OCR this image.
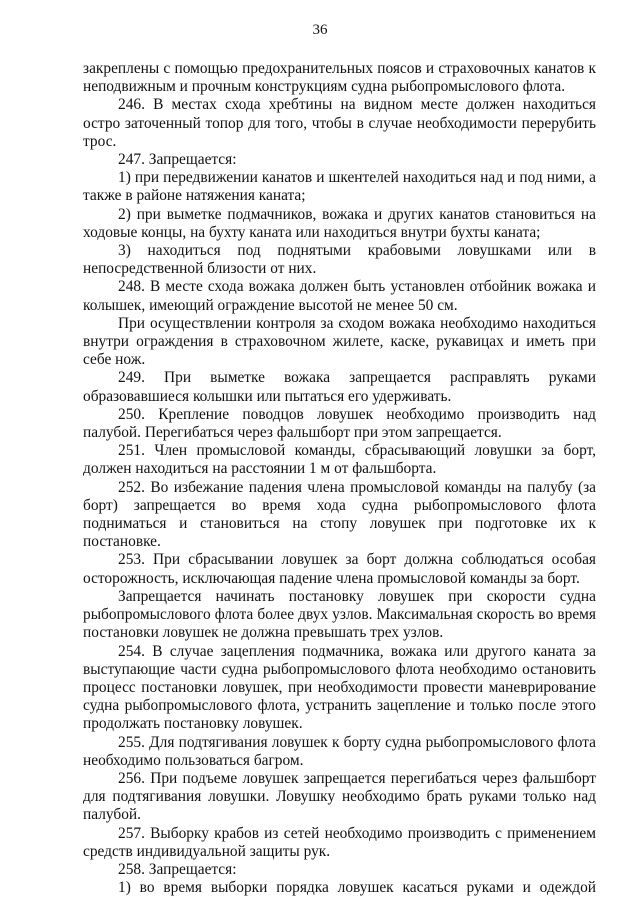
36

закреплены с помощью предохранительных поясов и страховочных канатов к неподвижным и прочным конструкциям судна рыбопромыслового флота.

246. В местах схода хребтины на видном месте должен находиться остро заточенный топор для того, чтобы в случае необходимости перерубить трос.

247. Запрещается:

1) при передвижении канатов и шкентелей находиться над и под ними, а также в районе натяжения каната;

2) при выметке подмачников, вожака и других канатов становиться на ходовые концы, на бухту каната или находиться внутри бухты каната;

3) находиться под поднятыми крабовыми ловушками или в непосредственной близости от них.

248. В месте схода вожака должен быть установлен отбойник вожака и колышек, имеющий ограждение высотой не менее 50 см.

При осуществлении контроля за сходом вожака необходимо находиться внутри ограждения в страховочном жилете, каске, рукавицах и иметь при себе нож.

249. При выметке вожака запрещается расправлять руками образовавшиеся колышки или пытаться его удерживать.

250. Крепление поводцов ловушек необходимо производить над палубой. Перегибаться через фальшборт при этом запрещается.

251. Член промысловой команды, сбрасывающий ловушки за борт, должен находиться на расстоянии 1 м от фальшборта.

252. Во избежание падения члена промысловой команды на палубу (за борт) запрещается во время хода судна рыбопромыслового флота подниматься и становиться на стопу ловушек при подготовке их к постановке.

253. При сбрасывании ловушек за борт должна соблюдаться особая осторожность, исключающая падение члена промысловой команды за борт.

Запрещается начинать постановку ловушек при скорости судна рыбопромыслового флота более двух узлов. Максимальная скорость во время постановки ловушек не должна превышать трех узлов.

254. В случае зацепления подмачника, вожака или другого каната за выступающие части судна рыбопромыслового флота необходимо остановить процесс постановки ловушек, при необходимости провести маневрирование судна рыбопромыслового флота, устранить зацепление и только после этого продолжать постановку ловушек.

255. Для подтягивания ловушек к борту судна рыбопромыслового флота необходимо пользоваться багром.

256. При подъеме ловушек запрещается перегибаться через фальшборт для подтягивания ловушки. Ловушку необходимо брать руками только над палубой.

257. Выборку крабов из сетей необходимо производить с применением средств индивидуальной защиты рук.

258. Запрещается:

1) во время выборки порядка ловушек касаться руками и одеждой
